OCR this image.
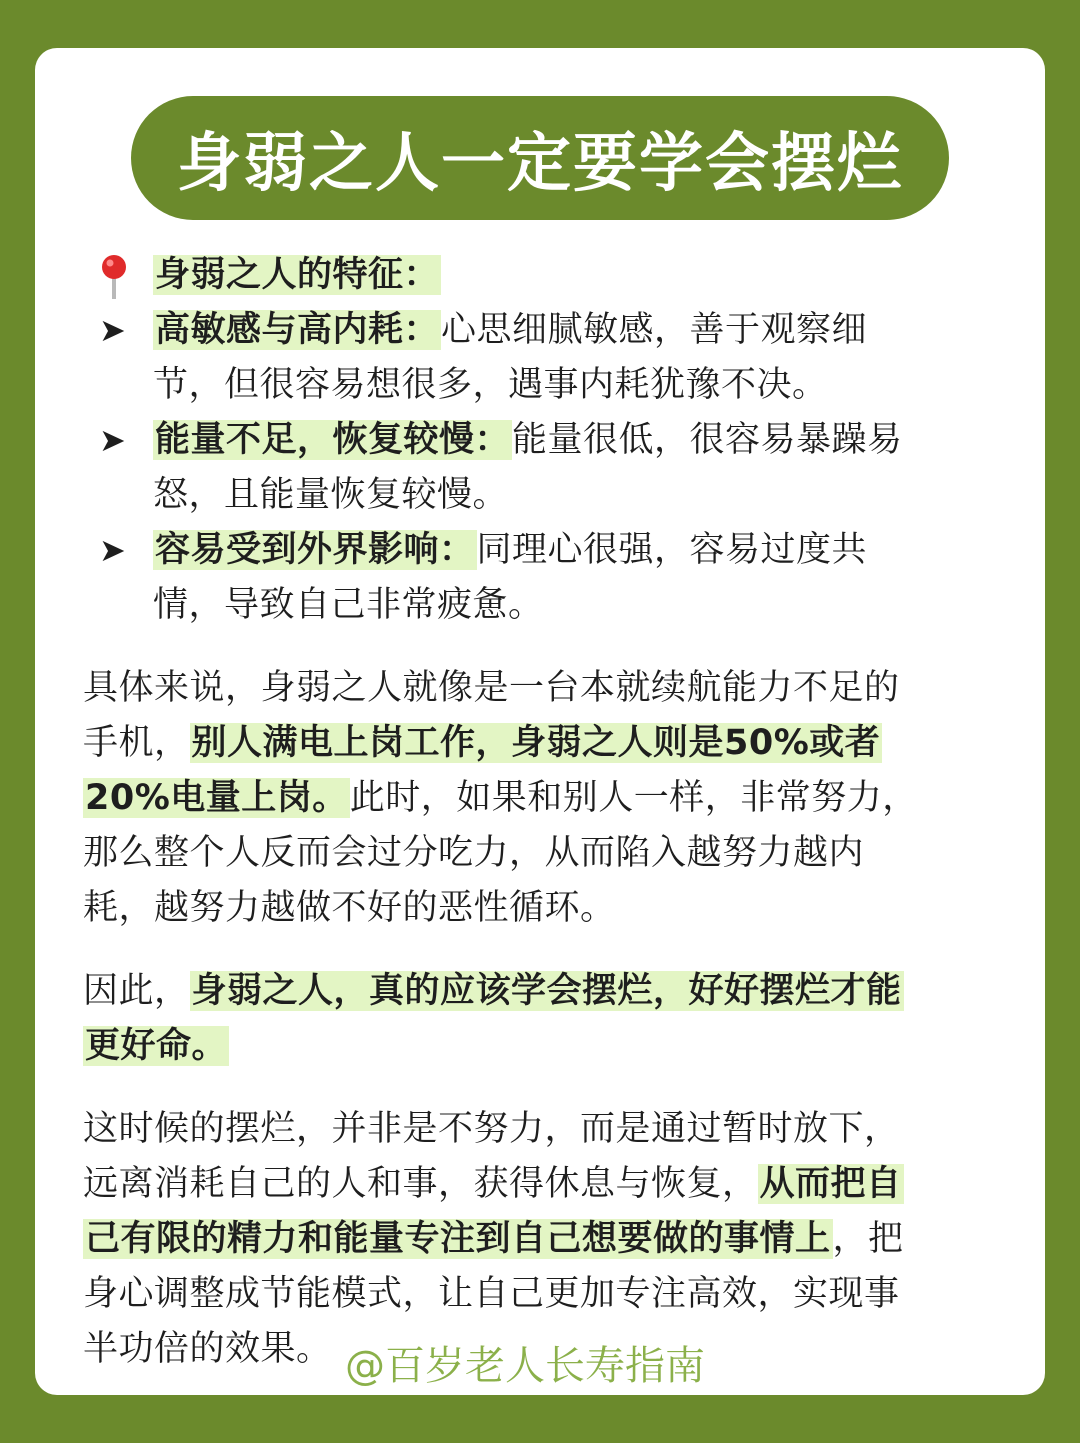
身弱之人一定要学会摆烂
身弱之人的特征：
➤ 高敏感与高内耗：心思细腻敏感，善于观察细
节，但很容易想很多，遇事内耗犹豫不决。
➤ 能量不足，恢复较慢：能量很低，很容易暴躁易
怒，且能量恢复较慢。
➤ 容易受到外界影响：同理心很强，容易过度共
情，导致自己非常疲惫。
具体来说，身弱之人就像是一台本就续航能力不足的
手机，别人满电上岗工作，身弱之人则是50%或者
20%电量上岗。此时，如果和别人一样，非常努力，
那么整个人反而会过分吃力，从而陷入越努力越内
耗，越努力越做不好的恶性循环。
因此，身弱之人，真的应该学会摆烂，好好摆烂才能
更好命。
这时候的摆烂，并非是不努力，而是通过暂时放下，
远离消耗自己的人和事，获得休息与恢复，从而把自
己有限的精力和能量专注到自己想要做的事情上，把
身心调整成节能模式，让自己更加专注高效，实现事
半功倍的效果。 @百岁老人长寿指南
